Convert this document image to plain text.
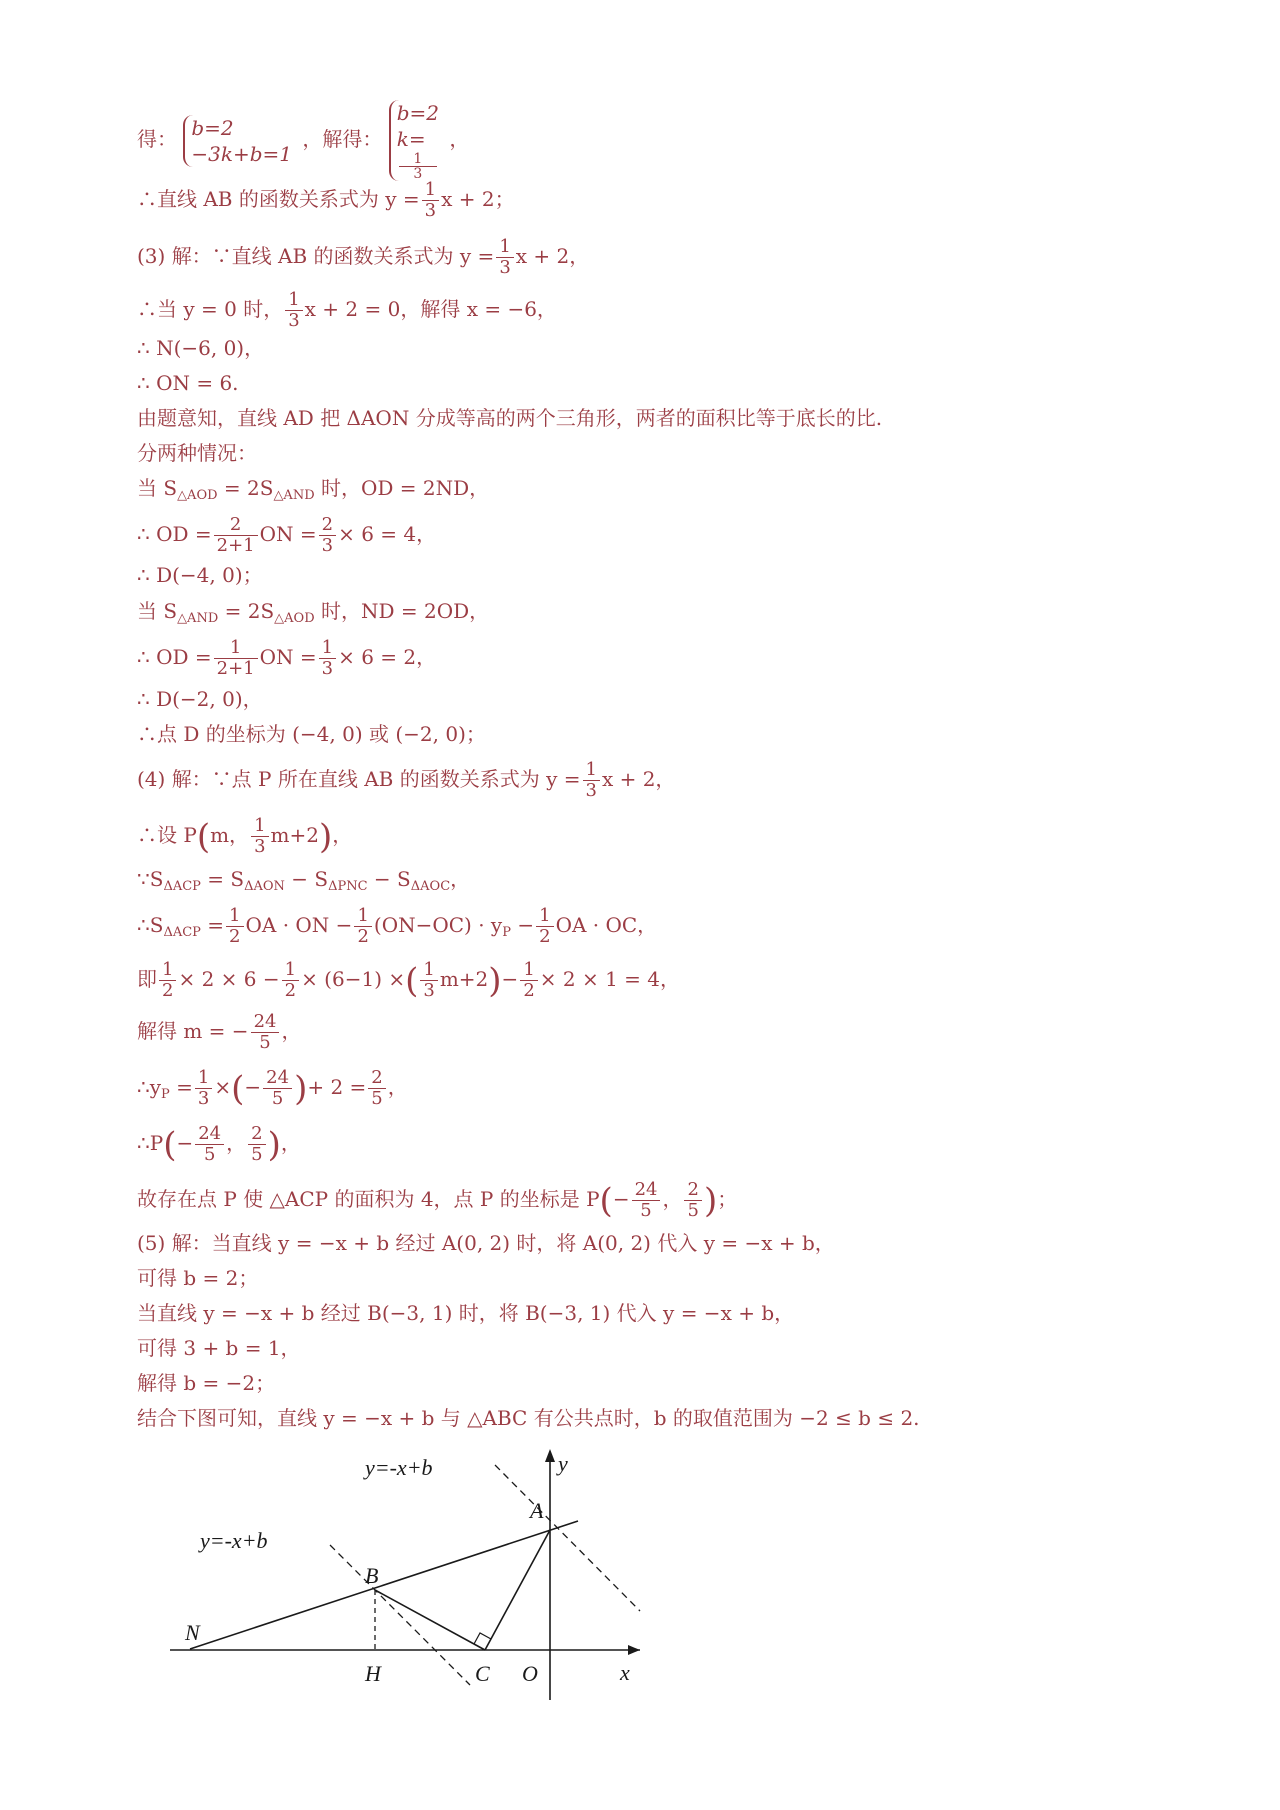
得： b=2
−3k+b=1
，解得：
b=2
k=
1
3
，
∴直线 AB 的函数关系式为 $y = \frac{1}{3}$ x + 2；
(3) 解：∵直线 AB 的函数关系式为 $y = \frac{1}{3}$ x + 2，
∴当 y = 0 时， $\frac{1}{3}$ x + 2 = 0，解得 x = −6，
∴ N(−6, 0)，
∴ ON = 6.
由题意知，直线 AD 把 ΔAON 分成等高的两个三角形，两者的面积比等于底长的比.
分两种情况：
当 $S_{\triangle AOD} = 2S_{\triangle AND}$ 时，OD = 2ND，
∴ OD = $\frac{2}{2+1}$ ON = $\frac{2}{3} \times 6 = 4$，
∴ D(−4, 0)；
当 $S_{\triangle AND} = 2S_{\triangle AOD}$ 时，ND = 2OD，
∴ OD = $\frac{1}{2+1}$ ON = $\frac{1}{3} \times 6 = 2$，
∴ D(−2, 0)，
∴点 D 的坐标为 (−4, 0) 或 (−2, 0)；
(4) 解：∵点 P 所在直线 AB 的函数关系式为 $y = \frac{1}{3}$ x + 2，
∴设 P(m， $\frac{1}{3} m+2$)，
$\because S_{\Delta ACP} = S_{\Delta AON} - S_{\Delta PNC} - S_{\Delta AOC}$，
$\therefore S_{\Delta ACP} = \frac{1}{2}$ OA · ON − $\frac{1}{2} (ON-OC) \cdot y_P - \frac{1}{2}$ OA · OC，
即 $\frac{1}{2} \times 2 \times 6 - \frac{1}{2} \times (6-1)$ ×( $\frac{1}{3} m+2)- \frac{1}{2} \times 2 \times 1 = 4$，
解得 m = − $\frac{24}{5}$ ，
$\therefore y_P = \frac{1}{3}$ ×(− $\frac{24}{5}$ )+ $2 = \frac{2}{5}$ ，
∴P(− $\frac{24}{5}$ ， $\frac{2}{5}$ )，
故存在点 P 使 △ACP 的面积为 4，点 P 的坐标是 $P(- \frac{24}{5}$ ， $\frac{2}{5}$ )；
(5) 解：当直线 y = −x + b 经过 A(0, 2) 时，将 A(0, 2) 代入 y = −x + b，
可得 b = 2；
当直线 y = −x + b 经过 B(−3, 1) 时，将 B(−3, 1) 代入 y = −x + b，
可得 3 + b = 1，
解得 b = −2；
结合下图可知，直线 y = −x + b 与 △ABC 有公共点时，b 的取值范围为 −2 ≤ b ≤ 2.
y=-x+b
y=-x+b
y
x
A
B
N
H	C O
